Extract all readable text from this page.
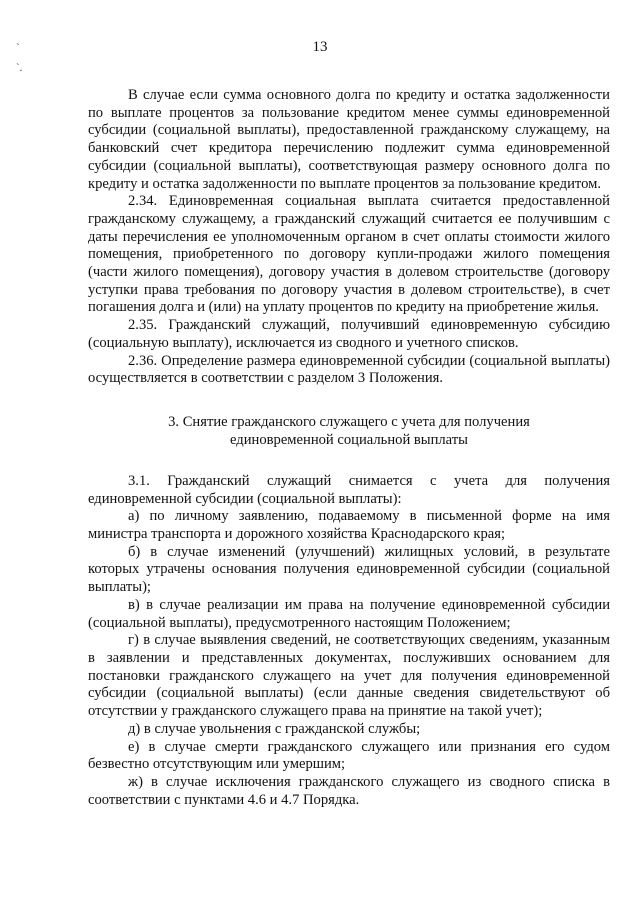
`
`.
13

В случае если сумма основного долга по кредиту и остатка задолженности по выплате процентов за пользование кредитом менее суммы единовременной субсидии (социальной выплаты), предоставленной гражданскому служащему, на банковский счет кредитора перечислению подлежит сумма единовременной субсидии (социальной выплаты), соответствующая размеру основного долга по кредиту и остатка задолженности по выплате процентов за пользование кредитом.

2.34. Единовременная социальная выплата считается предоставленной гражданскому служащему, а гражданский служащий считается ее получившим с даты перечисления ее уполномоченным органом в счет оплаты стоимости жилого помещения, приобретенного по договору купли-продажи жилого помещения (части жилого помещения), договору участия в долевом строительстве (договору уступки права требования по договору участия в долевом строительстве), в счет погашения долга и (или) на уплату процентов по кредиту на приобретение жилья.

2.35. Гражданский служащий, получивший единовременную субсидию (социальную выплату), исключается из сводного и учетного списков.

2.36. Определение размера единовременной субсидии (социальной выплаты) осуществляется в соответствии с разделом 3 Положения.

3. Снятие гражданского служащего с учета для получения
единовременной социальной выплаты

3.1. Гражданский служащий снимается с учета для получения единовременной субсидии (социальной выплаты):

а) по личному заявлению, подаваемому в письменной форме на имя министра транспорта и дорожного хозяйства Краснодарского края;

б) в случае изменений (улучшений) жилищных условий, в результате которых утрачены основания получения единовременной субсидии (социальной выплаты);

в) в случае реализации им права на получение единовременной субсидии (социальной выплаты), предусмотренного настоящим Положением;

г) в случае выявления сведений, не соответствующих сведениям, указанным в заявлении и представленных документах, послуживших основанием для постановки гражданского служащего на учет для получения единовременной субсидии (социальной выплаты) (если данные сведения свидетельствуют об отсутствии у гражданского служащего права на принятие на такой учет);

д) в случае увольнения с гражданской службы;

е) в случае смерти гражданского служащего или признания его судом безвестно отсутствующим или умершим;

ж) в случае исключения гражданского служащего из сводного списка в соответствии с пунктами 4.6 и 4.7 Порядка.
